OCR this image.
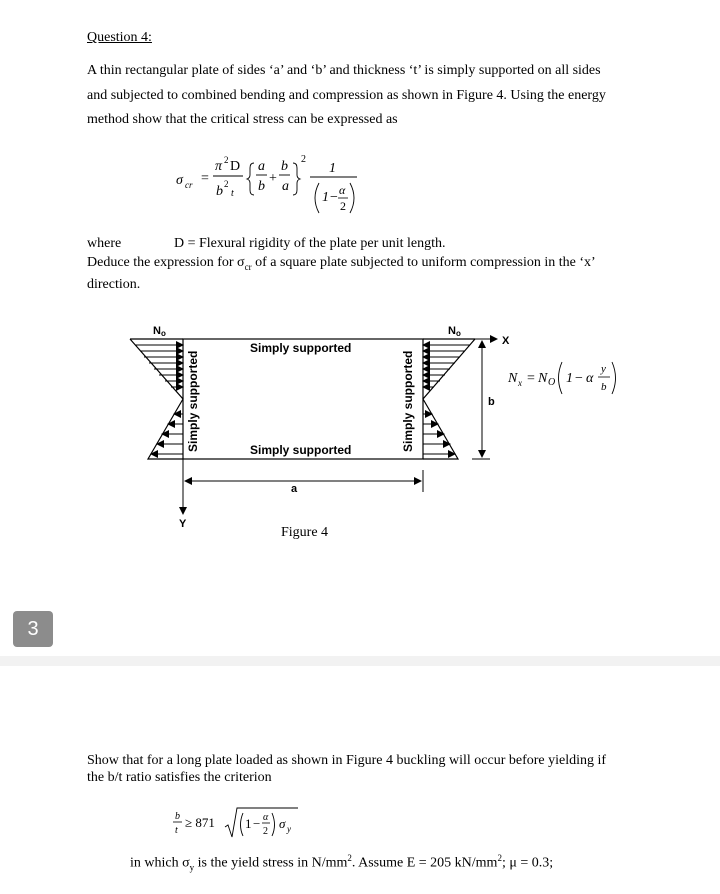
Question 4:
A thin rectangular plate of sides ‘a’ and ‘b’ and thickness ‘t’ is simply supported on all sides
and subjected to combined bending and compression as shown in Figure 4. Using the energy
method show that the critical stress can be expressed as
σ cr =
π 2 D
b 2
t
a
b
+
b
a
2
1
1 − α
2
where	D = Flexural rigidity of the plate per unit length.
Deduce the expression for $\sigma_{cr}$ of a square plate subjected to uniform compression in the ‘x’
direction.
X
Y
a
b
No	No
Simply supported
Simply supported
Simply supported	Simply supported	N x = N O 1 − α
y
b
Figure 4
3
Show that for a long plate loaded as shown in Figure 4 buckling will occur before yielding if
the b/t ratio satisfies the criterion
b
t
≥ 871 1 − α
2
σ y
in which $\sigma_y$ is the yield stress in $N/mm^2$. Assume E = 205 $kN/mm^2$; μ = 0.3;
